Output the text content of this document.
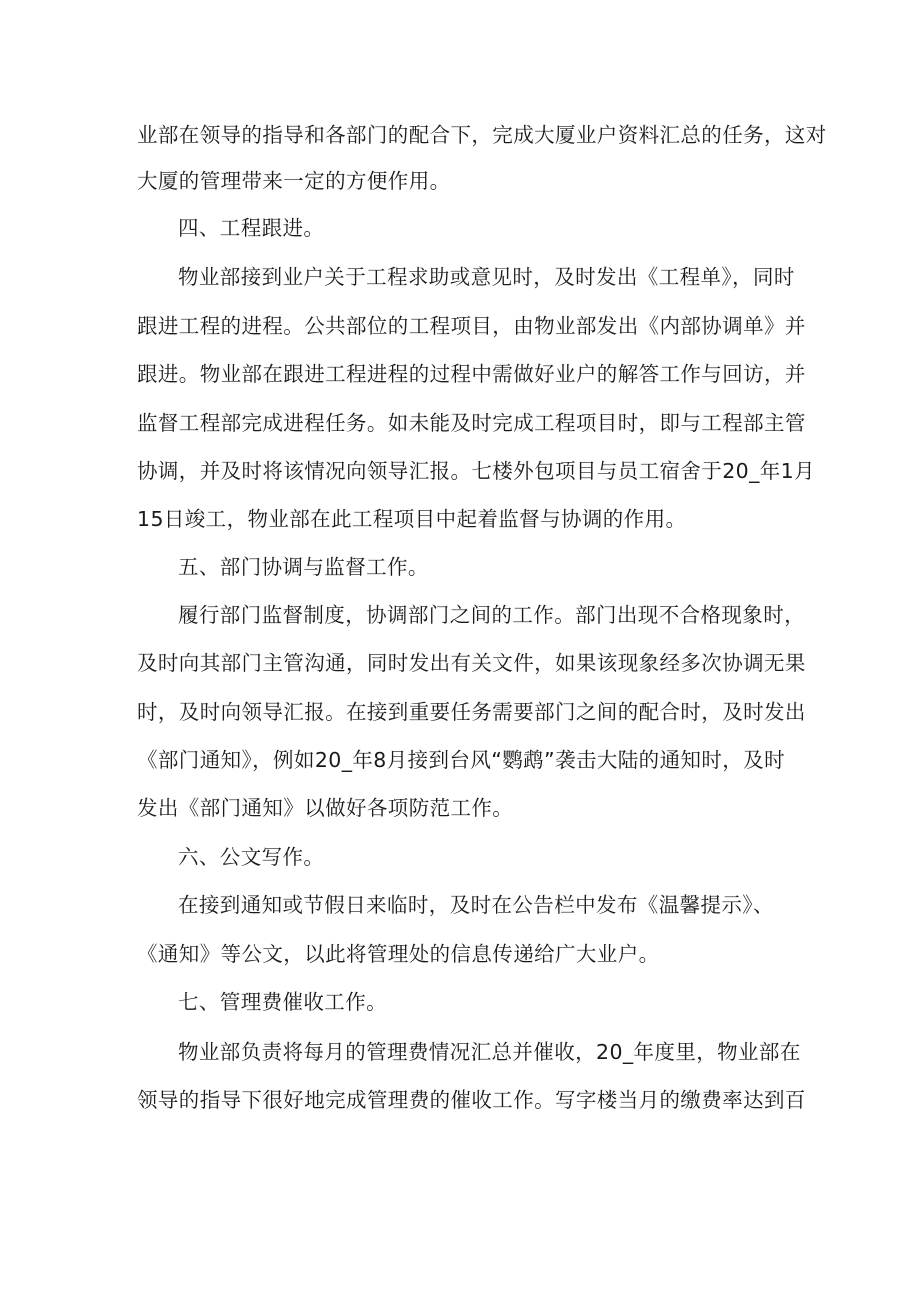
业部在领导的指导和各部门的配合下，完成大厦业户资料汇总的任务，这对
大厦的管理带来一定的方便作用。
四、工程跟进。
物业部接到业户关于工程求助或意见时，及时发出《工程单》，同时
跟进工程的进程。公共部位的工程项目，由物业部发出《内部协调单》并
跟进。物业部在跟进工程进程的过程中需做好业户的解答工作与回访，并
监督工程部完成进程任务。如未能及时完成工程项目时，即与工程部主管
协调，并及时将该情况向领导汇报。七楼外包项目与员工宿舍于20_年1月
15日竣工，物业部在此工程项目中起着监督与协调的作用。
五、部门协调与监督工作。
履行部门监督制度，协调部门之间的工作。部门出现不合格现象时，
及时向其部门主管沟通，同时发出有关文件，如果该现象经多次协调无果
时，及时向领导汇报。在接到重要任务需要部门之间的配合时，及时发出
《部门通知》，例如20_年8月接到台风“鹦鹉”袭击大陆的通知时，及时
发出《部门通知》以做好各项防范工作。
六、公文写作。
在接到通知或节假日来临时，及时在公告栏中发布《温馨提示》、
《通知》等公文，以此将管理处的信息传递给广大业户。
七、管理费催收工作。
物业部负责将每月的管理费情况汇总并催收，20_年度里，物业部在
领导的指导下很好地完成管理费的催收工作。写字楼当月的缴费率达到百
